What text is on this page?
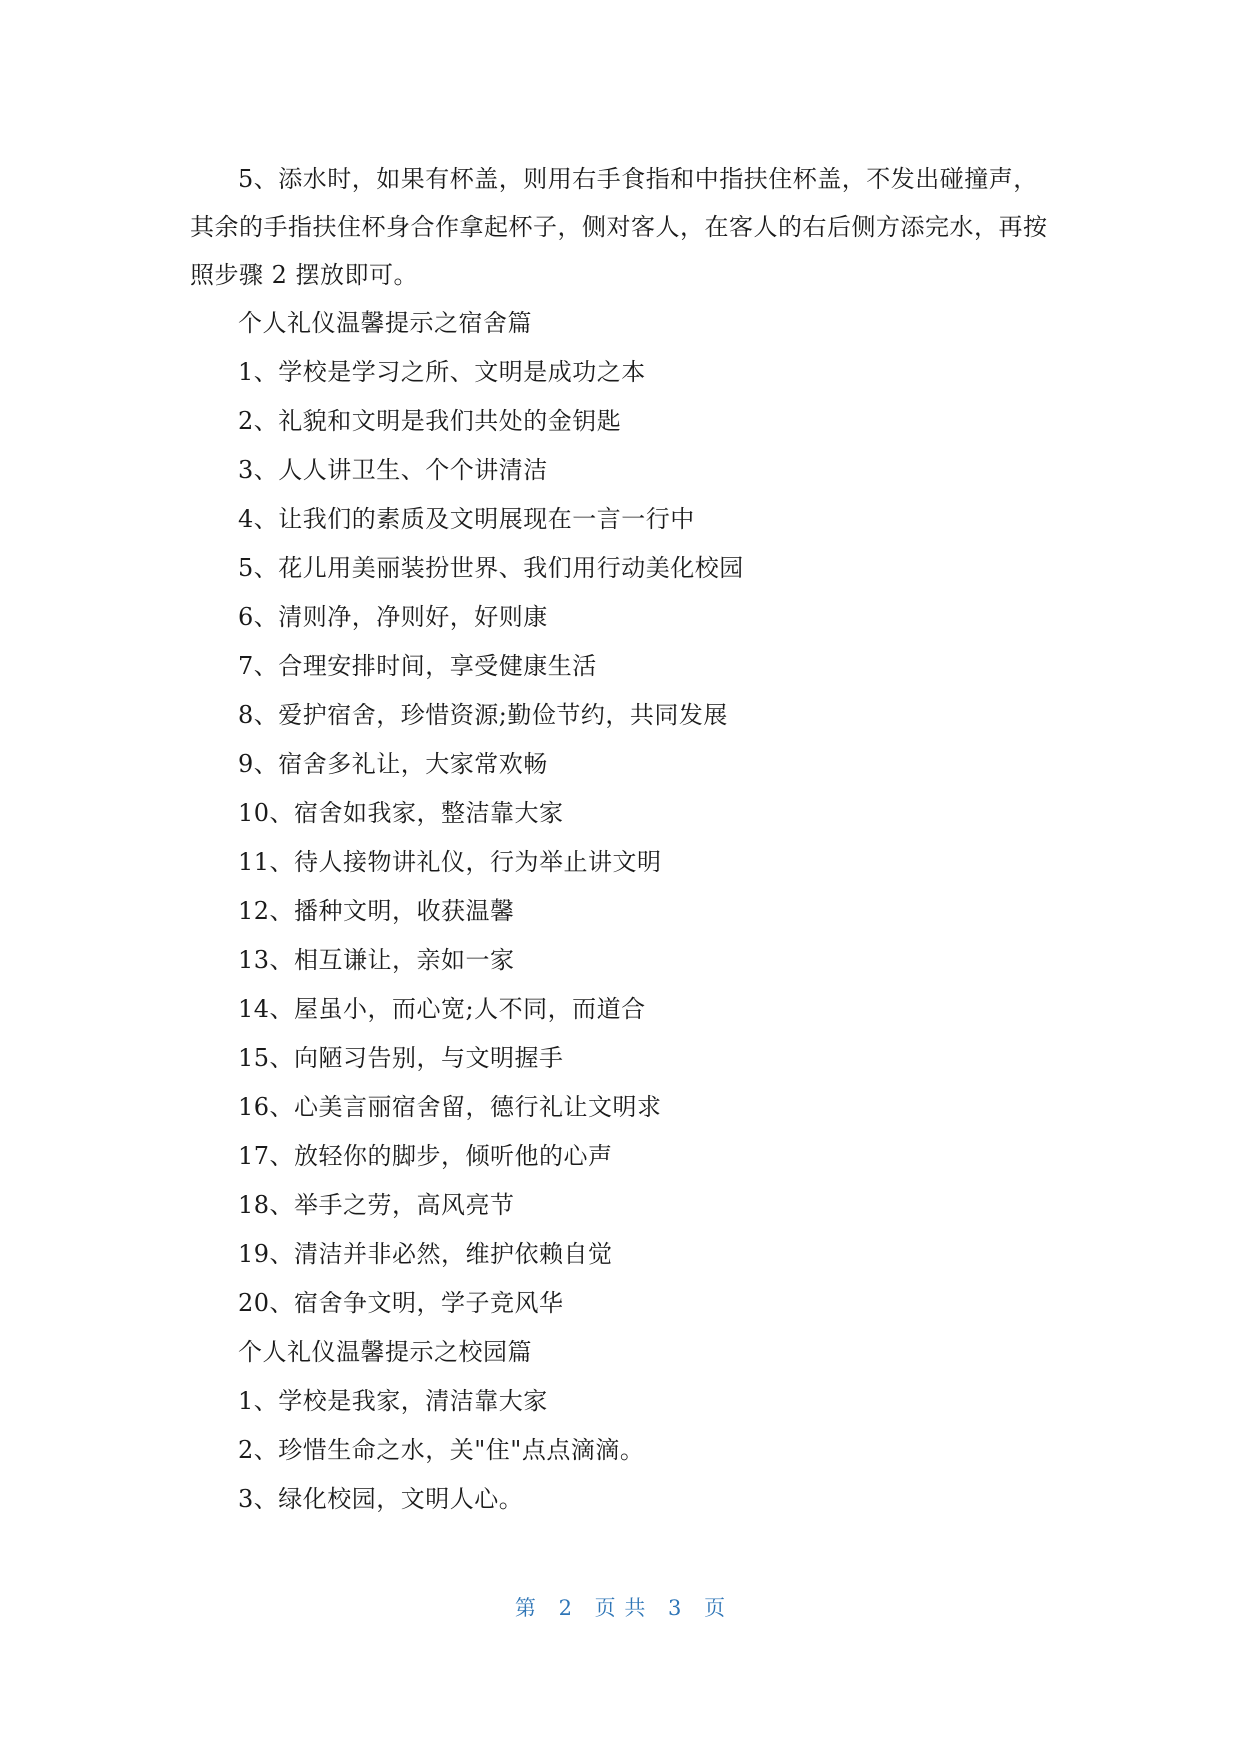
5、添水时，如果有杯盖，则用右手食指和中指扶住杯盖，不发出碰撞声，其余的手指扶住杯身合作拿起杯子，侧对客人，在客人的右后侧方添完水，再按照步骤 2 摆放即可。

个人礼仪温馨提示之宿舍篇

1、学校是学习之所、文明是成功之本

2、礼貌和文明是我们共处的金钥匙

3、人人讲卫生、个个讲清洁

4、让我们的素质及文明展现在一言一行中

5、花儿用美丽装扮世界、我们用行动美化校园

6、清则净，净则好，好则康

7、合理安排时间，享受健康生活

8、爱护宿舍，珍惜资源;勤俭节约，共同发展

9、宿舍多礼让，大家常欢畅

10、宿舍如我家，整洁靠大家

11、待人接物讲礼仪，行为举止讲文明

12、播种文明，收获温馨

13、相互谦让，亲如一家

14、屋虽小，而心宽;人不同，而道合

15、向陋习告别，与文明握手

16、心美言丽宿舍留，德行礼让文明求

17、放轻你的脚步，倾听他的心声

18、举手之劳，高风亮节

19、清洁并非必然，维护依赖自觉

20、宿舍争文明，学子竞风华

个人礼仪温馨提示之校园篇

1、学校是我家，清洁靠大家

2、珍惜生命之水，关"住"点点滴滴。

3、绿化校园，文明人心。

第 2 页 共 3 页
